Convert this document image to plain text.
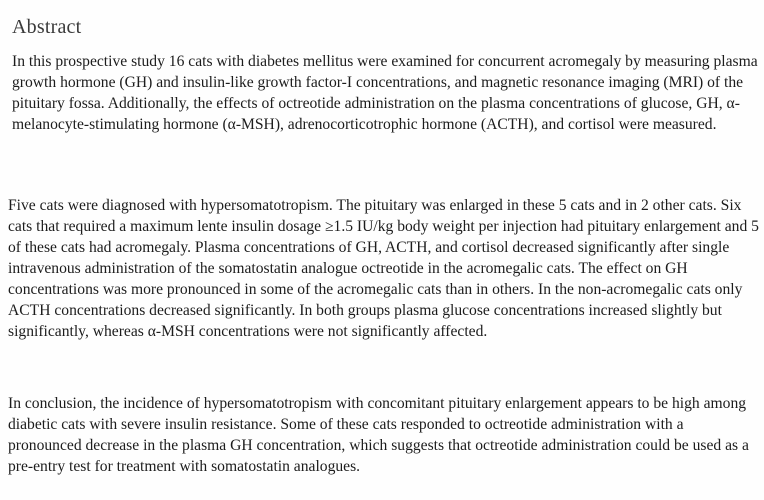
Abstract

In this prospective study 16 cats with diabetes mellitus were examined for concurrent acromegaly by measuring plasma growth hormone (GH) and insulin-like growth factor-I concentrations, and magnetic resonance imaging (MRI) of the pituitary fossa. Additionally, the effects of octreotide administration on the plasma concentrations of glucose, GH, α-melanocyte-stimulating hormone (α-MSH), adrenocorticotrophic hormone (ACTH), and cortisol were measured.

Five cats were diagnosed with hypersomatotropism. The pituitary was enlarged in these 5 cats and in 2 other cats. Six cats that required a maximum lente insulin dosage ≥1.5 IU/kg body weight per injection had pituitary enlargement and 5 of these cats had acromegaly. Plasma concentrations of GH, ACTH, and cortisol decreased significantly after single intravenous administration of the somatostatin analogue octreotide in the acromegalic cats. The effect on GH concentrations was more pronounced in some of the acromegalic cats than in others. In the non-acromegalic cats only ACTH concentrations decreased significantly. In both groups plasma glucose concentrations increased slightly but significantly, whereas α-MSH concentrations were not significantly affected.

In conclusion, the incidence of hypersomatotropism with concomitant pituitary enlargement appears to be high among diabetic cats with severe insulin resistance. Some of these cats responded to octreotide administration with a pronounced decrease in the plasma GH concentration, which suggests that octreotide administration could be used as a pre-entry test for treatment with somatostatin analogues.
